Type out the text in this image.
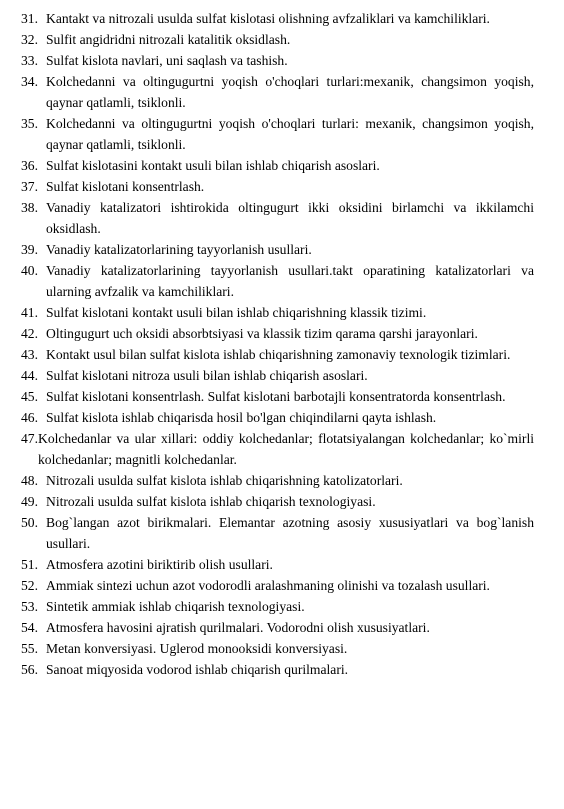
31. Kantakt va nitrozali usulda sulfat kislotasi olishning avfzaliklari va kamchiliklari.
32. Sulfit angidridni nitrozali katalitik oksidlash.
33. Sulfat kislota navlari, uni saqlash va tashish.
34. Kolchedanni va oltingugurtni yoqish o'choqlari turlari:mexanik, changsimon yoqish, qaynar qatlamli, tsiklonli.
35. Kolchedanni va oltingugurtni yoqish o'choqlari turlari: mexanik, changsimon yoqish, qaynar qatlamli, tsiklonli.
36. Sulfat kislotasini kontakt usuli bilan ishlab chiqarish asoslari.
37. Sulfat kislotani konsentrlash.
38. Vanadiy katalizatori ishtirokida oltingugurt ikki oksidini birlamchi va ikkilamchi oksidlash.
39. Vanadiy katalizatorlarining tayyorlanish usullari.
40. Vanadiy katalizatorlarining tayyorlanish usullari.takt oparatining katalizatorlari va ularning avfzalik va kamchiliklari.
41. Sulfat kislotani kontakt usuli bilan ishlab chiqarishning klassik tizimi.
42. Oltingugurt uch oksidi absorbtsiyasi va klassik tizim qarama qarshi jarayonlari.
43. Kontakt usul bilan sulfat kislota ishlab chiqarishning zamonaviy texnologik tizimlari.
44. Sulfat kislotani nitroza usuli bilan ishlab chiqarish asoslari.
45. Sulfat kislotani konsentrlash. Sulfat kislotani barbotajli konsentratorda konsentrlash.
46. Sulfat kislota ishlab chiqarisda hosil bo'lgan chiqindilarni qayta ishlash.
47. Kolchedanlar va ular xillari: oddiy kolchedanlar; flotatsiyalangan kolchedanlar; ko`mirli kolchedanlar; magnitli kolchedanlar.
48. Nitrozali usulda sulfat kislota ishlab chiqarishning katolizatorlari.
49. Nitrozali usulda sulfat kislota ishlab chiqarish texnologiyasi.
50. Bog`langan azot birikmalari. Elemantar azotning asosiy xususiyatlari va bog`lanish usullari.
51. Atmosfera azotini biriktirib olish usullari.
52. Ammiak sintezi uchun azot vodorodli aralashmaning olinishi va tozalash usullari.
53. Sintetik ammiak ishlab chiqarish texnologiyasi.
54. Atmosfera havosini ajratish qurilmalari. Vodorodni olish xususiyatlari.
55. Metan konversiyasi. Uglerod monooksidi konversiyasi.
56. Sanoat miqyosida vodorod ishlab chiqarish qurilmalari.
